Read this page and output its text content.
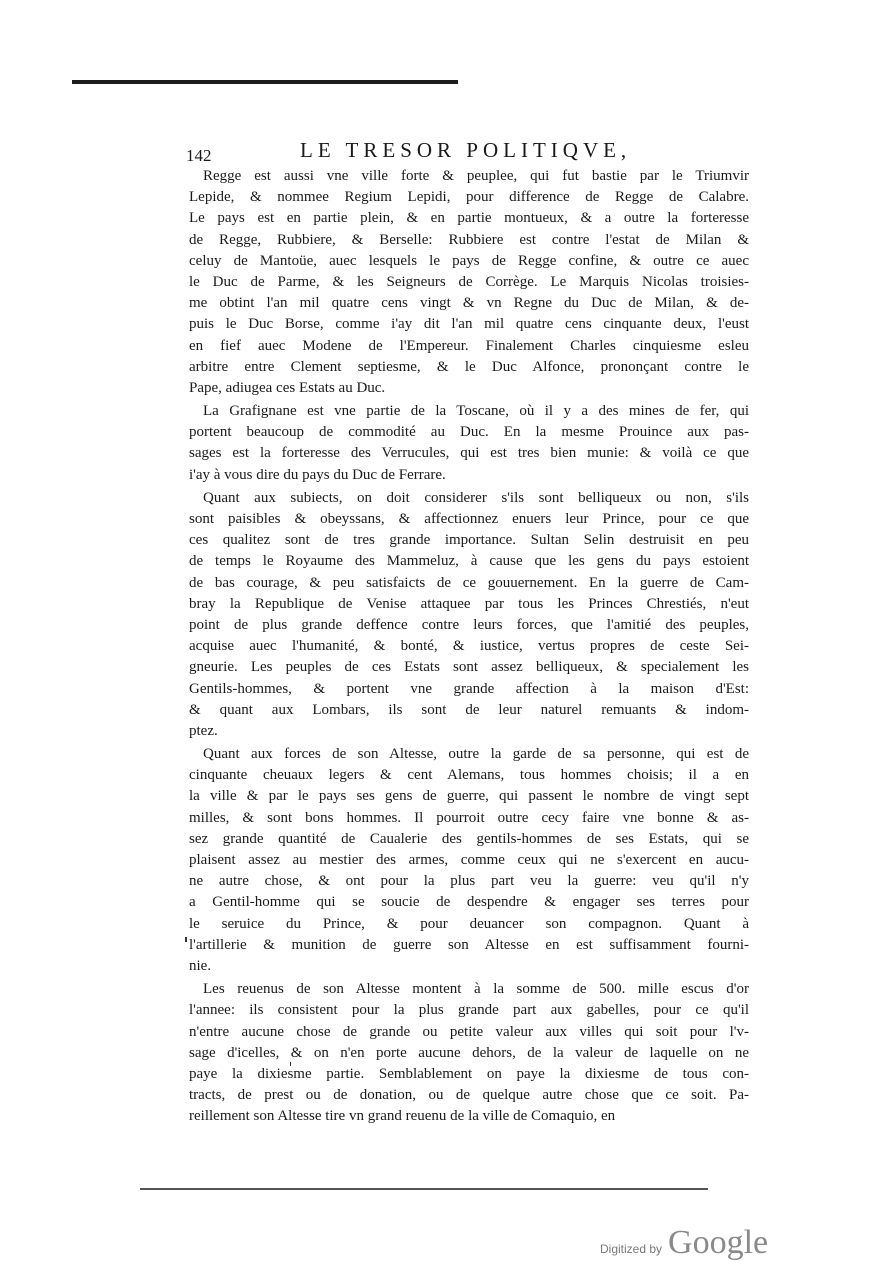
142	LE TRESOR POLITIQVE,
Regge est aussi vne ville forte & peuplee, qui fut bastie par le Triumvir
Lepide, & nommee Regium Lepidi, pour difference de Regge de Calabre.
Le pays est en partie plein, & en partie montueux, & a outre la forteresse
de Regge, Rubbiere, & Berselle: Rubbiere est contre l'estat de Milan &
celuy de Mantoüe, auec lesquels le pays de Regge confine, & outre ce auec
le Duc de Parme, & les Seigneurs de Corrège. Le Marquis Nicolas troisies-
me obtint l'an mil quatre cens vingt & vn Regne du Duc de Milan, & de-
puis le Duc Borse, comme i'ay dit l'an mil quatre cens cinquante deux, l'eust
en fief auec Modene de l'Empereur. Finalement Charles cinquiesme esleu
arbitre entre Clement septiesme, & le Duc Alfonce, prononçant contre le
Pape, adiugea ces Estats au Duc.
La Grafignane est vne partie de la Toscane, où il y a des mines de fer, qui
portent beaucoup de commodité au Duc. En la mesme Prouince aux pas-
sages est la forteresse des Verrucules, qui est tres bien munie: & voilà ce que
i'ay à vous dire du pays du Duc de Ferrare.
Quant aux subiects, on doit considerer s'ils sont belliqueux ou non, s'ils
sont paisibles & obeyssans, & affectionnez enuers leur Prince, pour ce que
ces qualitez sont de tres grande importance. Sultan Selin destruisit en peu
de temps le Royaume des Mammeluz, à cause que les gens du pays estoient
de bas courage, & peu satisfaicts de ce gouuernement. En la guerre de Cam-
bray la Republique de Venise attaquee par tous les Princes Chrestiés, n'eut
point de plus grande deffence contre leurs forces, que l'amitié des peuples,
acquise auec l'humanité, & bonté, & iustice, vertus propres de ceste Sei-
gneurie. Les peuples de ces Estats sont assez belliqueux, & specialement les
Gentils-hommes, & portent vne grande affection à la maison d'Est:
& quant aux Lombars, ils sont de leur naturel remuants & indom-
ptez.
Quant aux forces de son Altesse, outre la garde de sa personne, qui est de
cinquante cheuaux legers & cent Alemans, tous hommes choisis; il a en
la ville & par le pays ses gens de guerre, qui passent le nombre de vingt sept
milles, & sont bons hommes. Il pourroit outre cecy faire vne bonne & as-
sez grande quantité de Caualerie des gentils-hommes de ses Estats, qui se
plaisent assez au mestier des armes, comme ceux qui ne s'exercent en aucu-
ne autre chose, & ont pour la plus part veu la guerre: veu qu'il n'y
a Gentil-homme qui se soucie de despendre & engager ses terres pour
le seruice du Prince, & pour deuancer son compagnon. Quant à
l'artillerie & munition de guerre son Altesse en est suffisamment fourni-
nie.
Les reuenus de son Altesse montent à la somme de 500. mille escus d'or
l'annee: ils consistent pour la plus grande part aux gabelles, pour ce qu'il
n'entre aucune chose de grande ou petite valeur aux villes qui soit pour l'v-
sage d'icelles, & on n'en porte aucune dehors, de la valeur de laquelle on ne
paye la dixiesme partie. Semblablement on paye la dixiesme de tous con-
tracts, de prest ou de donation, ou de quelque autre chose que ce soit. Pa-
reillement son Altesse tire vn grand reuenu de la ville de Comaquio, en
Digitized by Google
